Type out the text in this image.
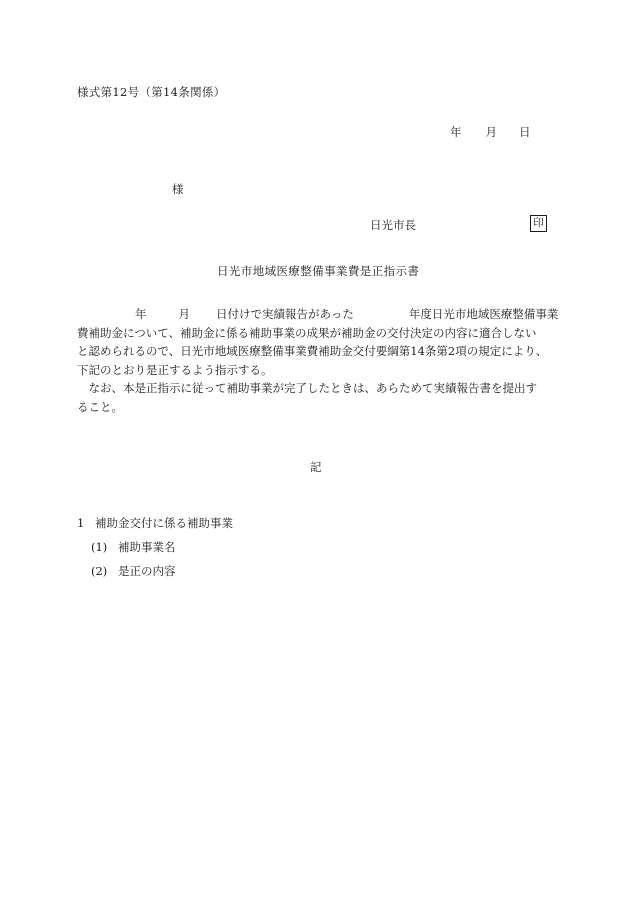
様式第12号（第14条関係）
年 月 日
様
日光市長	印
日光市地域医療整備事業費是正指示書
年	月 日付けで実績報告があった	年度日光市地域医療整備事業
費補助金について、補助金に係る補助事業の成果が補助金の交付決定の内容に適合しない
と認められるので、日光市地域医療整備事業費補助金交付要綱第14条第2項の規定により、
下記のとおり是正するよう指示する。
　なお、本是正指示に従って補助事業が完了したときは、あらためて実績報告書を提出す
ること。
記
1 補助金交付に係る補助事業
(1) 補助事業名
(2) 是正の内容
